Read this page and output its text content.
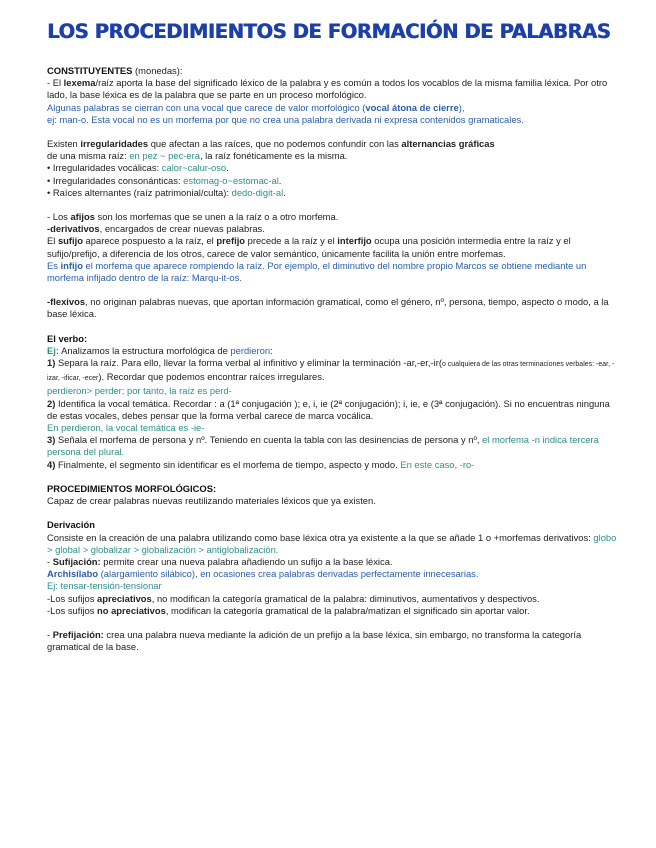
LOS PROCEDIMIENTOS DE FORMACIÓN DE PALABRAS

CONSTITUYENTES (monedas):

- El lexema/raíz aporta la base del significado léxico de la palabra y es común a todos los vocablos de la misma familia léxica. Por otro lado, la base léxica es de la palabra que se parte en un proceso morfológico.

Algunas palabras se cierran con una vocal que carece de valor morfológico (vocal átona de cierre),

ej: man-o. Esta vocal no es un morfema por que no crea una palabra derivada ni expresa contenidos gramaticales.

Existen irregularidades que afectan a las raíces, que no podemos confundir con las alternancias gráficas

de una misma raíz: en pez ~ pec-era, la raíz fonéticamente es la misma.

• Irregularidades vocálicas: calor~calur-oso.

• Irregularidades consonánticas: estomag-o~estomac-al.

• Raíces alternantes (raíz patrimonial/culta): dedo-digit-al.

- Los afijos son los morfemas que se unen a la raíz o a otro morfema.

-derivativos, encargados de crear nuevas palabras.

El sufijo aparece pospuesto a la raíz, el prefijo precede a la raíz y el interfijo ocupa una posición intermedia entre la raíz y el sufijo/prefijo, a diferencia de los otros, carece de valor semántico, únicamente facilita la unión entre morfemas.

Es infijo el morfema que aparece rompiendo la raíz. Por ejemplo, el diminutivo del nombre propio Marcos se obtiene mediante un morfema infijado dentro de la raíz: Marqu-it-os.

-flexivos, no originan palabras nuevas, que aportan información gramatical, como el género, nº, persona, tiempo, aspecto o modo, a la base léxica.

El verbo:

Ej: Analizamos la estructura morfológica de perdieron:

1) Separa la raíz. Para ello, llevar la forma verbal al infinitivo y eliminar la terminación -ar,-er,-ir(o cualquiera de las otras terminaciones verbales: -ear, -izar, -ificar, -ecer). Recordar que podemos encontrar raíces irregulares.

perdieron> perder; por tanto, la raíz es perd-

2) Identifica la vocal temática. Recordar : a (1ª conjugación ); e, i, ie (2ª conjugación); i, ie, e (3ª conjugación). Si no encuentras ninguna de estas vocales, debes pensar que la forma verbal carece de marca vocálica.

En perdieron, la vocal temática es -ie-

3) Señala el morfema de persona y nº. Teniendo en cuenta la tabla con las desinencias de persona y nº, el morfema -n indica tercera persona del plural.

4) Finalmente, el segmento sin identificar es el morfema de tiempo, aspecto y modo. En este caso, -ro-

PROCEDIMIENTOS MORFOLÓGICOS:

Capaz de crear palabras nuevas reutilizando materiales léxicos que ya existen.

Derivación

Consiste en la creación de una palabra utilizando como base léxica otra ya existente a la que se añade 1 o +morfemas derivativos: globo > global > globalizar > globalización > antiglobalización.

- Sufijación: permite crear una nueva palabra añadiendo un sufijo a la base léxica.

Archisílabo (alargamiento silábico), en ocasiones crea palabras derivadas perfectamente innecesarias.

Ej: tensar-tensión-tensionar

-Los sufijos apreciativos, no modifican la categoría gramatical de la palabra: diminutivos, aumentativos y despectivos.

-Los sufijos no apreciativos, modifican la categoría gramatical de la palabra/matizan el significado sin aportar valor.

- Prefijación: crea una palabra nueva mediante la adición de un prefijo a la base léxica, sin embargo, no transforma la categoría gramatical de la base.
